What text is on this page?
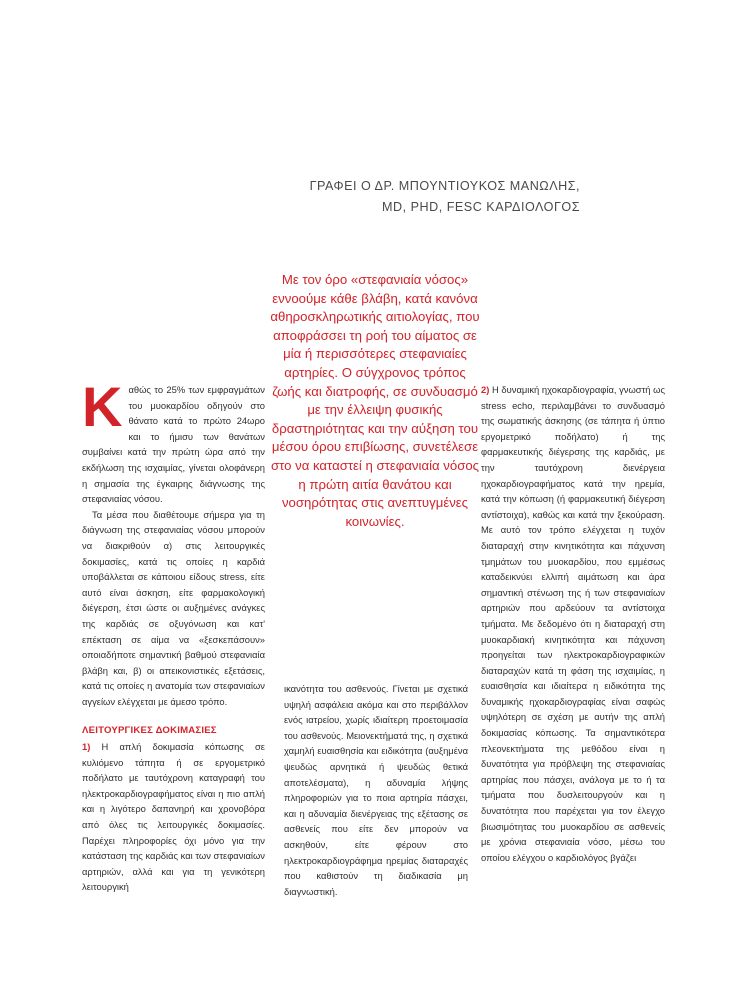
ΓΡΑΦΕΙ Ο ΔΡ. ΜΠΟΥΝΤΙΟΥΚΟΣ ΜΑΝΩΛΗΣ,
MD, PHD, FESC ΚΑΡΔΙΟΛΟΓΟΣ
Με τον όρο «στεφανιαία νόσος» εννοούμε κάθε βλάβη, κατά κανόνα αθηροσκληρωτικής αιτιολογίας, που αποφράσσει τη ροή του αίματος σε μία ή περισσότερες στεφανιαίες αρτηρίες. Ο σύγχρονος τρόπος ζωής και διατροφής, σε συνδυασμό με την έλλειψη φυσικής δραστηριότητας και την αύξηση του μέσου όρου επιβίωσης, συνετέλεσε στο να καταστεί η στεφανιαία νόσος η πρώτη αιτία θανάτου και νοσηρότητας στις ανεπτυγμένες κοινωνίες.

Καθώς το 25% των εμφραγμάτων του μυοκαρδίου οδηγούν στο θάνατο κατά το πρώτο 24ωρο και το ήμισυ των θανάτων συμβαίνει κατά την πρώτη ώρα από την εκδήλωση της ισχαιμίας, γίνεται ολοφάνερη η σημασία της έγκαιρης διάγνωσης της στεφανιαίας νόσου.

Τα μέσα που διαθέτουμε σήμερα για τη διάγνωση της στεφανιαίας νόσου μπορούν να διακριθούν α) στις λειτουργικές δοκιμασίες, κατά τις οποίες η καρδιά υποβάλλεται σε κάποιου είδους stress, είτε αυτό είναι άσκηση, είτε φαρμακολογική διέγερση, έτσι ώστε οι αυξημένες ανάγκες της καρδιάς σε οξυγόνωση και κατ' επέκταση σε αίμα να «ξεσκεπάσουν» οποιαδήποτε σημαντική βαθμού στεφανιαία βλάβη και, β) οι απεικονιστικές εξετάσεις, κατά τις οποίες η ανατομία των στεφανιαίων αγγείων ελέγχεται με άμεσο τρόπο.

ΛΕΙΤΟΥΡΓΙΚΕΣ ΔΟΚΙΜΑΣΙΕΣ

1) Η απλή δοκιμασία κόπωσης σε κυλιόμενο τάπητα ή σε εργομετρικό ποδήλατο με ταυτόχρονη καταγραφή του ηλεκτροκαρδιογραφήματος είναι η πιο απλή και η λιγότερο δαπανηρή και χρονοβόρα από όλες τις λειτουργικές δοκιμασίες. Παρέχει πληροφορίες όχι μόνο για την κατάσταση της καρδιάς και των στεφανιαίων αρτηριών, αλλά και για τη γενικότερη λειτουργική

ικανότητα του ασθενούς. Γίνεται με σχετικά υψηλή ασφάλεια ακόμα και στο περιβάλλον ενός ιατρείου, χωρίς ιδιαίτερη προετοιμασία του ασθενούς. Μειονεκτήματά της, η σχετικά χαμηλή ευαισθησία και ειδικότητα (αυξημένα ψευδώς αρνητικά ή ψευδώς θετικά αποτελέσματα), η αδυναμία λήψης πληροφοριών για το ποια αρτηρία πάσχει, και η αδυναμία διενέργειας της εξέτασης σε ασθενείς που είτε δεν μπορούν να ασκηθούν, είτε φέρουν στο ηλεκτροκαρδιογράφημα ηρεμίας διαταραχές που καθιστούν τη διαδικασία μη διαγνωστική.

2) Η δυναμική ηχοκαρδιογραφία, γνωστή ως stress echo, περιλαμβάνει το συνδυασμό της σωματικής άσκησης (σε τάπητα ή ύπτιο εργομετρικό ποδήλατο) ή της φαρμακευτικής διέγερσης της καρδιάς, με την ταυτόχρονη διενέργεια ηχοκαρδιογραφήματος κατά την ηρεμία, κατά την κόπωση (ή φαρμακευτική διέγερση αντίστοιχα), καθώς και κατά την ξεκούραση. Με αυτό τον τρόπο ελέγχεται η τυχόν διαταραχή στην κινητικότητα και πάχυνση τμημάτων του μυοκαρδίου, που εμμέσως καταδεικνύει ελλιπή αιμάτωση και άρα σημαντική στένωση της ή των στεφανιαίων αρτηριών που αρδεύουν τα αντίστοιχα τμήματα. Με δεδομένο ότι η διαταραχή στη μυοκαρδιακή κινητικότητα και πάχυνση προηγείται των ηλεκτροκαρδιογραφικών διαταραχών κατά τη φάση της ισχαιμίας, η ευαισθησία και ιδιαίτερα η ειδικότητα της δυναμικής ηχοκαρδιογραφίας είναι σαφώς υψηλότερη σε σχέση με αυτήν της απλή δοκιμασίας κόπωσης. Τα σημαντικότερα πλεονεκτήματα της μεθόδου είναι η δυνατότητα για πρόβλεψη της στεφανιαίας αρτηρίας που πάσχει, ανάλογα με το ή τα τμήματα που δυσλειτουργούν και η δυνατότητα που παρέχεται για τον έλεγχο βιωσιμότητας του μυοκαρδίου σε ασθενείς με χρόνια στεφανιαία νόσο, μέσω του οποίου ελέγχου ο καρδιολόγος βγάζει
